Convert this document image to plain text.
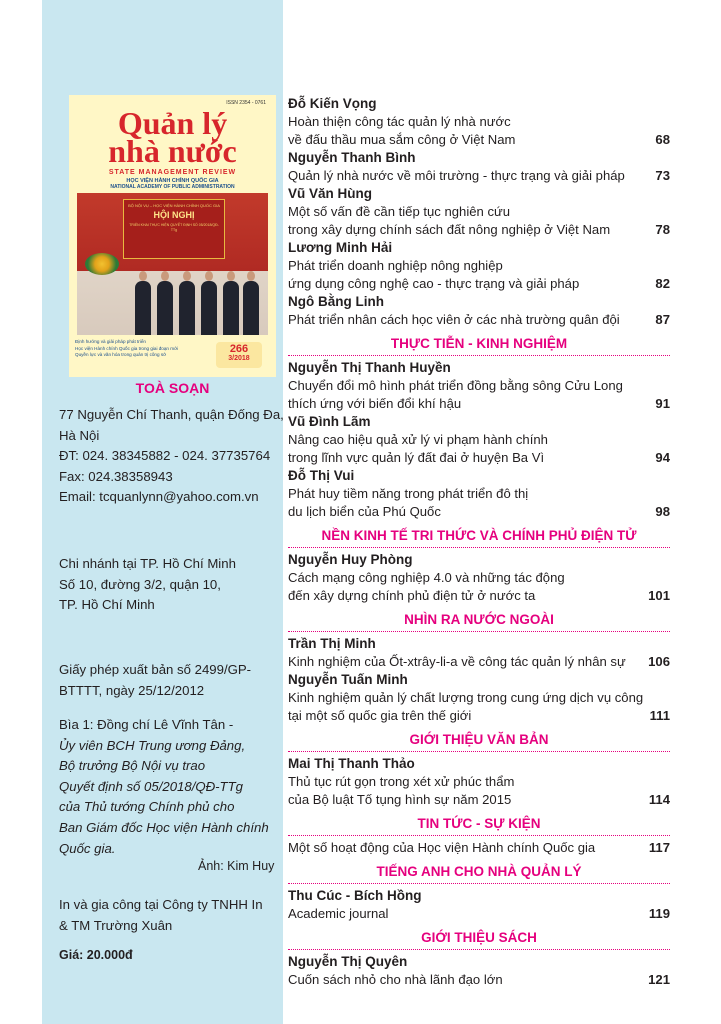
ISSN 2354 - 0761
Quản lý
nhà nước
STATE MANAGEMENT REVIEW
HỌC VIỆN HÀNH CHÍNH QUỐC GIA
NATIONAL ACADEMY OF PUBLIC ADMINISTRATION
BỘ NỘI VỤ – HỌC VIỆN HÀNH CHÍNH QUỐC GIA
HỘI NGHỊ
TRIỂN KHAI THỰC HIỆN QUYẾT ĐỊNH SỐ 05/2018/QĐ-TTg
Định hướng và giải pháp phát triển
Học viện Hành chính Quốc gia trong giai đoạn mới
Quyền lực và văn hóa trong quản trị công sở	266
3/2018
TOÀ SOẠN
77 Nguyễn Chí Thanh, quận Đống Đa,
Hà Nội
ĐT: 024. 38345882 - 024. 37735764
Fax: 024.38358943
Email: tcquanlynn@yahoo.com.vn
Chi nhánh tại TP. Hồ Chí Minh
Số 10, đường 3/2, quận 10,
TP. Hồ Chí Minh
Giấy phép xuất bản số 2499/GP-
BTTTT, ngày 25/12/2012
Bìa 1: Đồng chí Lê Vĩnh Tân -
Ủy viên BCH Trung ương Đảng,
Bộ trưởng Bộ Nội vụ trao
Quyết định số 05/2018/QĐ-TTg
của Thủ tướng Chính phủ cho
Ban Giám đốc Học viện Hành chính
Quốc gia.
Ảnh: Kim Huy
In và gia công tại Công ty TNHH In
& TM Trường Xuân
Giá: 20.000đ
Đỗ Kiến Vọng
Hoàn thiện công tác quản lý nhà nước
về đấu thầu mua sắm công ở Việt Nam	68
Nguyễn Thanh Bình
Quản lý nhà nước về môi trường - thực trạng và giải pháp 73
Vũ Văn Hùng
Một số vấn đề cần tiếp tục nghiên cứu
trong xây dựng chính sách đất nông nghiệp ở Việt Nam	78
Lương Minh Hải
Phát triển doanh nghiệp nông nghiệp
ứng dụng công nghệ cao - thực trạng và giải pháp	82
Ngô Bằng Linh
Phát triển nhân cách học viên ở các nhà trường quân đội	87
THỰC TIỄN - KINH NGHIỆM
Nguyễn Thị Thanh Huyền
Chuyển đổi mô hình phát triển đồng bằng sông Cửu Long
thích ứng với biến đổi khí hậu	91
Vũ Đình Lãm
Nâng cao hiệu quả xử lý vi phạm hành chính
trong lĩnh vực quản lý đất đai ở huyện Ba Vì	94
Đỗ Thị Vui
Phát huy tiềm năng trong phát triển đô thị
du lịch biển của Phú Quốc	98
NỀN KINH TẾ TRI THỨC VÀ CHÍNH PHỦ ĐIỆN TỬ
Nguyễn Huy Phòng
Cách mạng công nghiệp 4.0 và những tác động
đến xây dựng chính phủ điện tử ở nước ta	101
NHÌN RA NƯỚC NGOÀI
Trần Thị Minh
Kinh nghiệm của Ốt-xtrây-li-a về công tác quản lý nhân sự 106
Nguyễn Tuấn Minh
Kinh nghiệm quản lý chất lượng trong cung ứng dịch vụ công
tại một số quốc gia trên thế giới	111
GIỚI THIỆU VĂN BẢN
Mai Thị Thanh Thảo
Thủ tục rút gọn trong xét xử phúc thẩm
của Bộ luật Tố tụng hình sự năm 2015	114
TIN TỨC - SỰ KIỆN
Một số hoạt động của Học viện Hành chính Quốc gia	117
TIẾNG ANH CHO NHÀ QUẢN LÝ
Thu Cúc - Bích Hồng
Academic journal	119
GIỚI THIỆU SÁCH
Nguyễn Thị Quyên
Cuốn sách nhỏ cho nhà lãnh đạo lớn	121
